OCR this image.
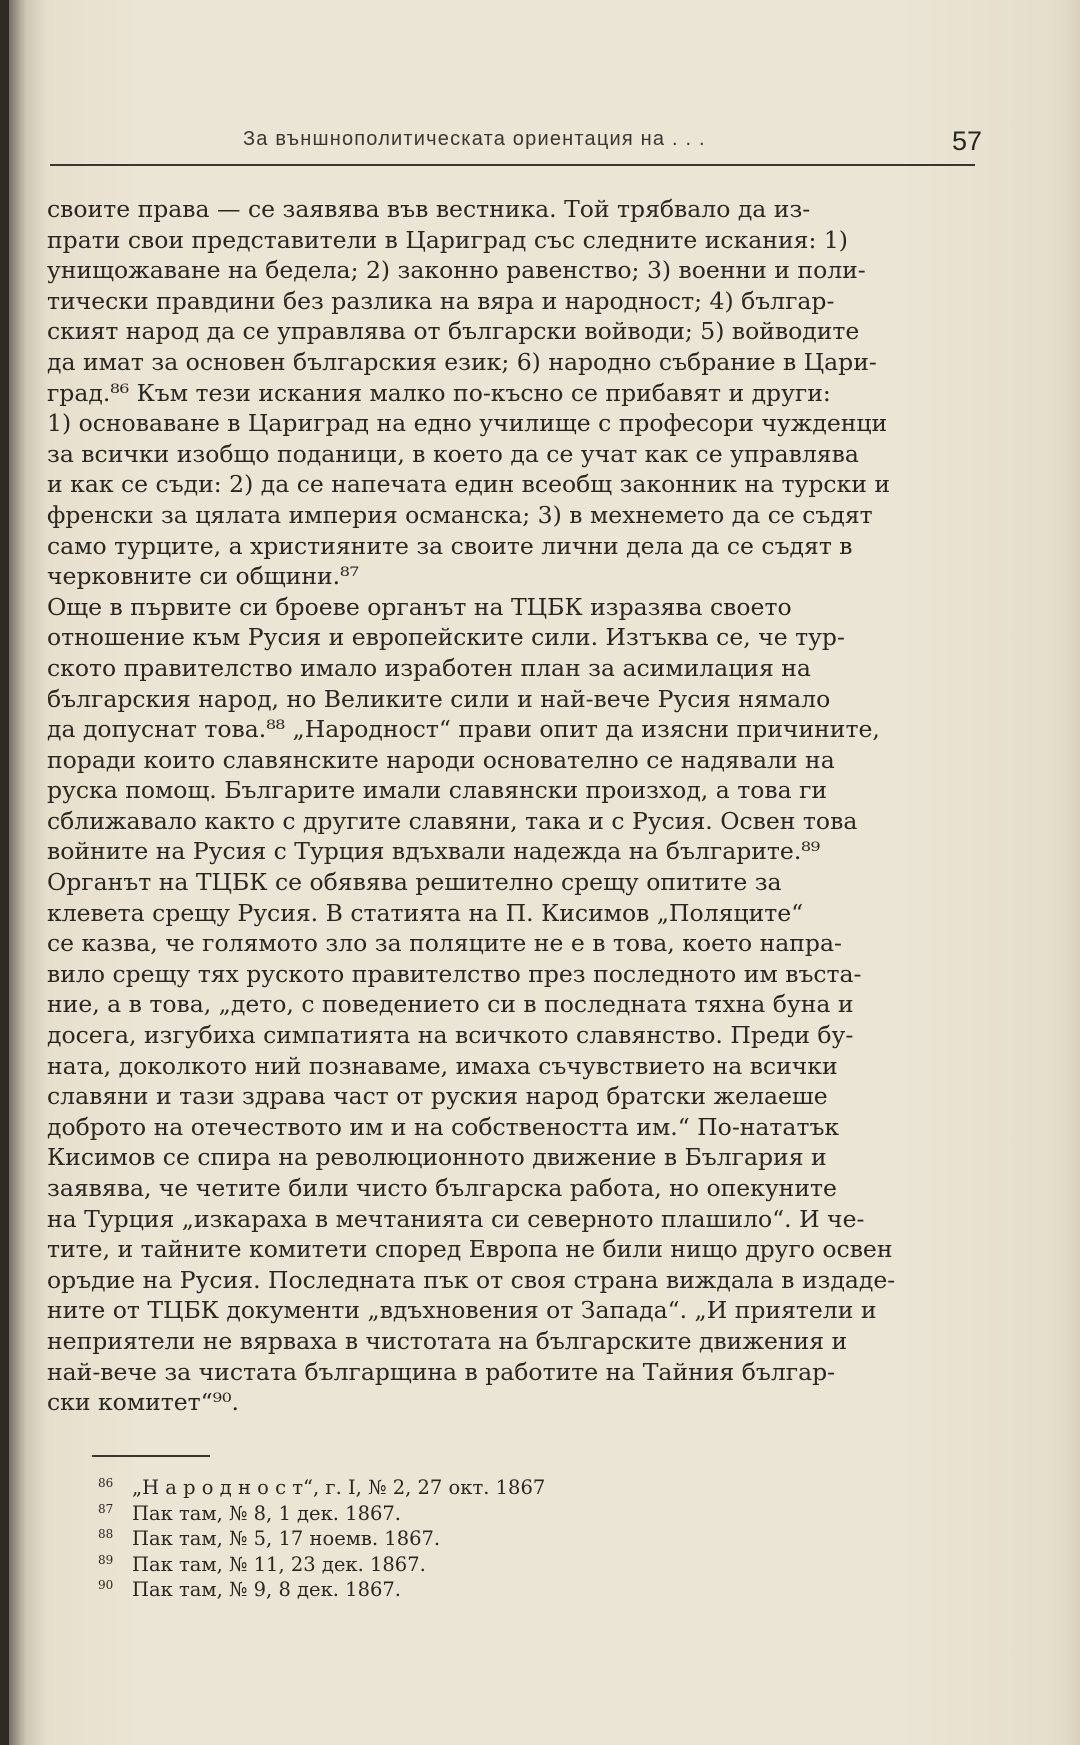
За външнополитическата ориентация на . . .	57
своите права — се заявява във вестника. Той трябвало да из-
прати свои представители в Цариград със следните искания: 1)
унищожаване на бедела; 2) законно равенство; 3) военни и поли-
тически правдини без разлика на вяра и народност; 4) българ-
ският народ да се управлява от български войводи; 5) войводите
да имат за основен българския език; 6) народно събрание в Цари-
град.⁸⁶ Към тези искания малко по-късно се прибавят и други:
1) основаване в Цариград на едно училище с професори чужденци
за всички изобщо поданици, в което да се учат как се управлява
и как се съди: 2) да се напечата един всеобщ законник на турски и
френски за цялата империя османска; 3) в мехнемето да се съдят
само турците, а християните за своите лични дела да се съдят в
черковните си общини.⁸⁷
Още в първите си броеве органът на ТЦБК изразява своето
отношение към Русия и европейските сили. Изтъква се, че тур-
ското правителство имало изработен план за асимилация на
българския народ, но Великите сили и най-вече Русия нямало
да допуснат това.⁸⁸ „Народност“ прави опит да изясни причините,
поради които славянските народи основателно се надявали на
руска помощ. Българите имали славянски произход, а това ги
сближавало както с другите славяни, така и с Русия. Освен това
войните на Русия с Турция вдъхвали надежда на българите.⁸⁹
Органът на ТЦБК се обявява решително срещу опитите за
клевета срещу Русия. В статията на П. Кисимов „Поляците“
се казва, че голямото зло за поляците не е в това, което напра-
вило срещу тях руското правителство през последното им въста-
ние, а в това, „дето, с поведението си в последната тяхна буна и
досега, изгубиха симпатията на всичкото славянство. Преди бу-
ната, доколкото ний познаваме, имаха съчувствието на всички
славяни и тази здрава част от руския народ братски желаеше
доброто на отечеството им и на собствеността им.“ По-нататък
Кисимов се спира на революционното движение в България и
заявява, че четите били чисто българска работа, но опекуните
на Турция „изкараха в мечтанията си северното плашило“. И че-
тите, и тайните комитети според Европа не били нищо друго освен
оръдие на Русия. Последната пък от своя страна виждала в издаде-
ните от ТЦБК документи „вдъхновения от Запада“. „И приятели и
неприятели не вярваха в чистотата на българските движения и
най-вече за чистата българщина в работите на Тайния българ-
ски комитет“⁹⁰.
86 „Н а р о д н о с т“, г. I, № 2, 27 окт. 1867
87 Пак там, № 8, 1 дек. 1867.
88 Пак там, № 5, 17 ноемв. 1867.
89 Пак там, № 11, 23 дек. 1867.
90 Пак там, № 9, 8 дек. 1867.
